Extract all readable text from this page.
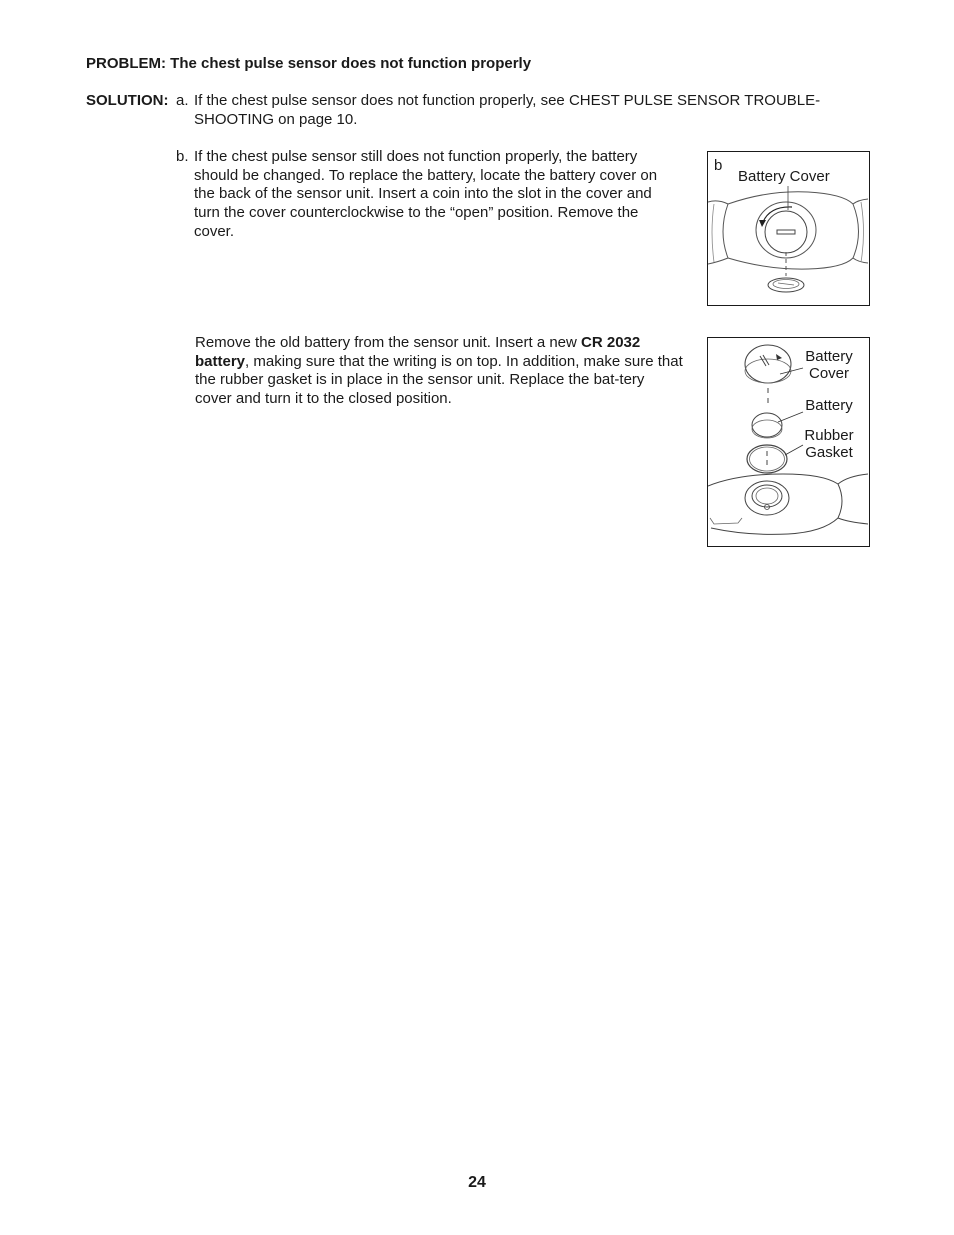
PROBLEM: The chest pulse sensor does not function properly
SOLUTION: a. If the chest pulse sensor does not function properly, see CHEST PULSE SENSOR TROUBLE-SHOOTING on page 10.
b. If the chest pulse sensor still does not function properly, the battery should be changed. To replace the battery, locate the battery cover on the back of the sensor unit. Insert a coin into the slot in the cover and turn the cover counterclockwise to the “open” position. Remove the cover.
Remove the old battery from the sensor unit. Insert a new CR 2032 battery, making sure that the writing is on top. In addition, make sure that the rubber gasket is in place in the sensor unit. Replace the bat-tery cover and turn it to the closed position.
b
Battery Cover
Battery
Cover
Battery
Rubber
Gasket
24
